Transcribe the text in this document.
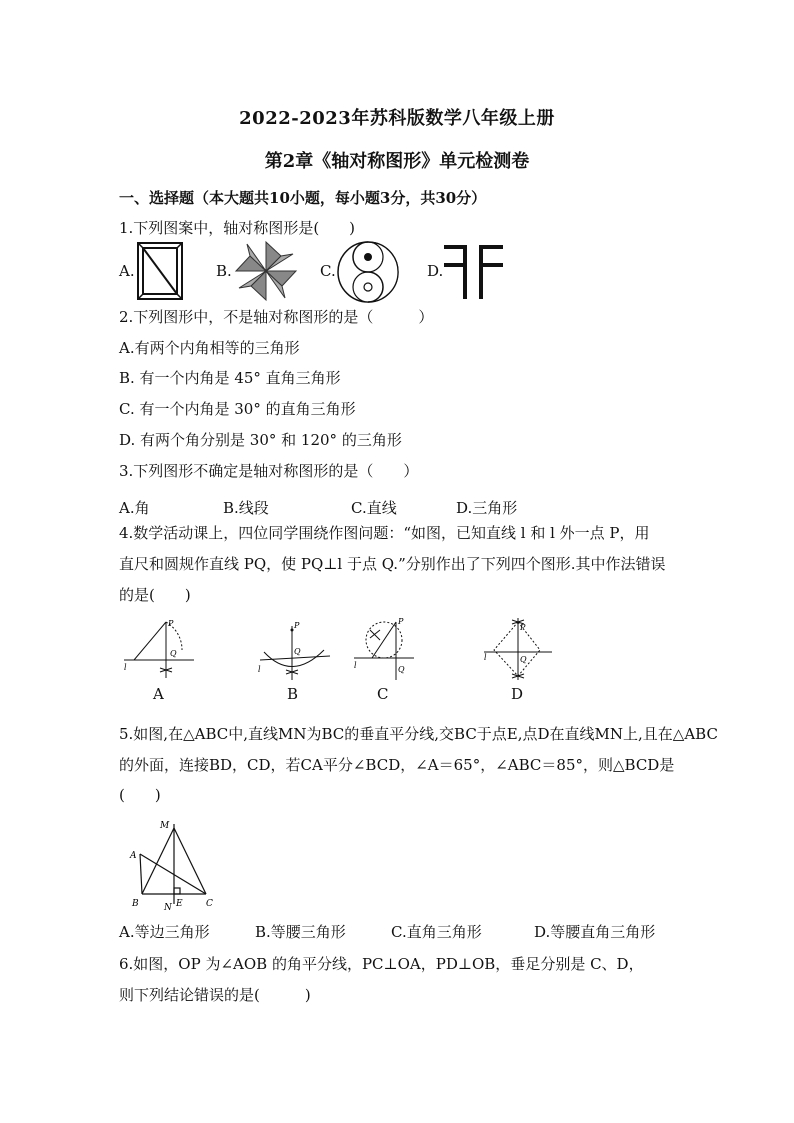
2022-2023年苏科版数学八年级上册
第2章《轴对称图形》单元检测卷
一、选择题（本大题共10小题，每小题3分，共30分）
1.下列图案中，轴对称图形是(　　)
A.	B.	C.	D.
2.下列图形中，不是轴对称图形的是（　　　）
A.有两个内角相等的三角形
B. 有一个内角是 45° 直角三角形
C. 有一个内角是 30° 的直角三角形
D. 有两个角分别是 30° 和 120° 的三角形
3.下列图形不确定是轴对称图形的是（　　）
A.角	B.线段	C.直线	D.三角形
4.数学活动课上，四位同学围绕作图问题：“如图，已知直线 l 和 l 外一点 P，用
直尺和圆规作直线 PQ，使 PQ⊥l 于点 Q.”分别作出了下列四个图形.其中作法错误
的是(　　)
P
Q
l
A
P
Q
l
B
P
Q
l
C
P
Q
l
D
5.如图,在△ABC中,直线MN为BC的垂直平分线,交BC于点E,点D在直线MN上,且在△ABC
的外面，连接BD，CD，若CA平分∠BCD，∠A＝65°，∠ABC＝85°，则△BCD是
(　　)
M
A
B	N E	C
A.等边三角形	B.等腰三角形	C.直角三角形	D.等腰直角三角形
6.如图，OP 为∠AOB 的角平分线，PC⊥OA，PD⊥OB，垂足分别是 C、D，
则下列结论错误的是(　　　)
